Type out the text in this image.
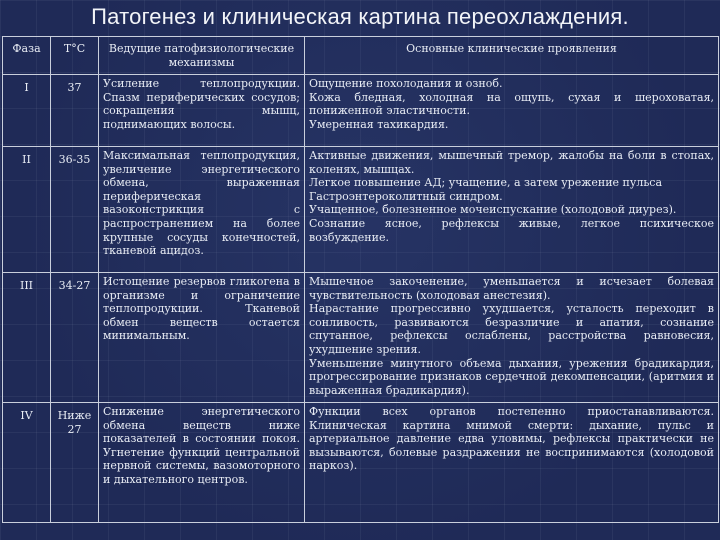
Патогенез и клиническая картина переохлаждения.
Фаза	Т°С	Ведущие патофизиологические механизмы	Основные клинические проявления
I	37	Усиление теплопродукции. Спазм периферических сосудов; сокращения мышц, поднимающих волосы.	Ощущение похолодания и озноб.
Кожа бледная, холодная на ощупь, сухая и шероховатая, пониженной эластичности.
Умеренная тахикардия.

II	36-35	Максимальная теплопродукция, увеличение энергетического обмена, выраженная периферическая вазоконстрикция с распространением на более крупные сосуды конечностей, тканевой ацидоз.	Активные движения, мышечный тремор, жалобы на боли в стопах, коленях, мышцах.
Легкое повышение АД; учащение, а затем урежение пульса
Гастроэнтероколитный синдром.
Учащенное, болезненное мочеиспускание (холодовой диурез).
Сознание ясное, рефлексы живые, легкое психическое возбуждение.

III	34-27	Истощение резервов гликогена в организме и ограничение теплопродукции. Тканевой обмен веществ остается минимальным.	Мышечное закоченение, уменьшается и исчезает болевая чувствительность (холодовая анестезия).
Нарастание прогрессивно ухудшается, усталость переходит в сонливость, развиваются безразличие и апатия, сознание спутанное, рефлексы ослаблены, расстройства равновесия, ухудшение зрения.
Уменьшение минутного объема дыхания, урежения брадикардия, прогрессирование признаков сердечной декомпенсации, (аритмия и выраженная брадикардия).

IV	Ниже 27	Снижение энергетического обмена веществ ниже показателей в состоянии покоя. Угнетение функций центральной нервной системы, вазомоторного и дыхательного центров.	Функции всех органов постепенно приостанавливаются. Клиническая картина мнимой смерти: дыхание, пульс и артериальное давление едва уловимы, рефлексы практически не вызываются, болевые раздражения не воспринимаются (холодовой наркоз).
